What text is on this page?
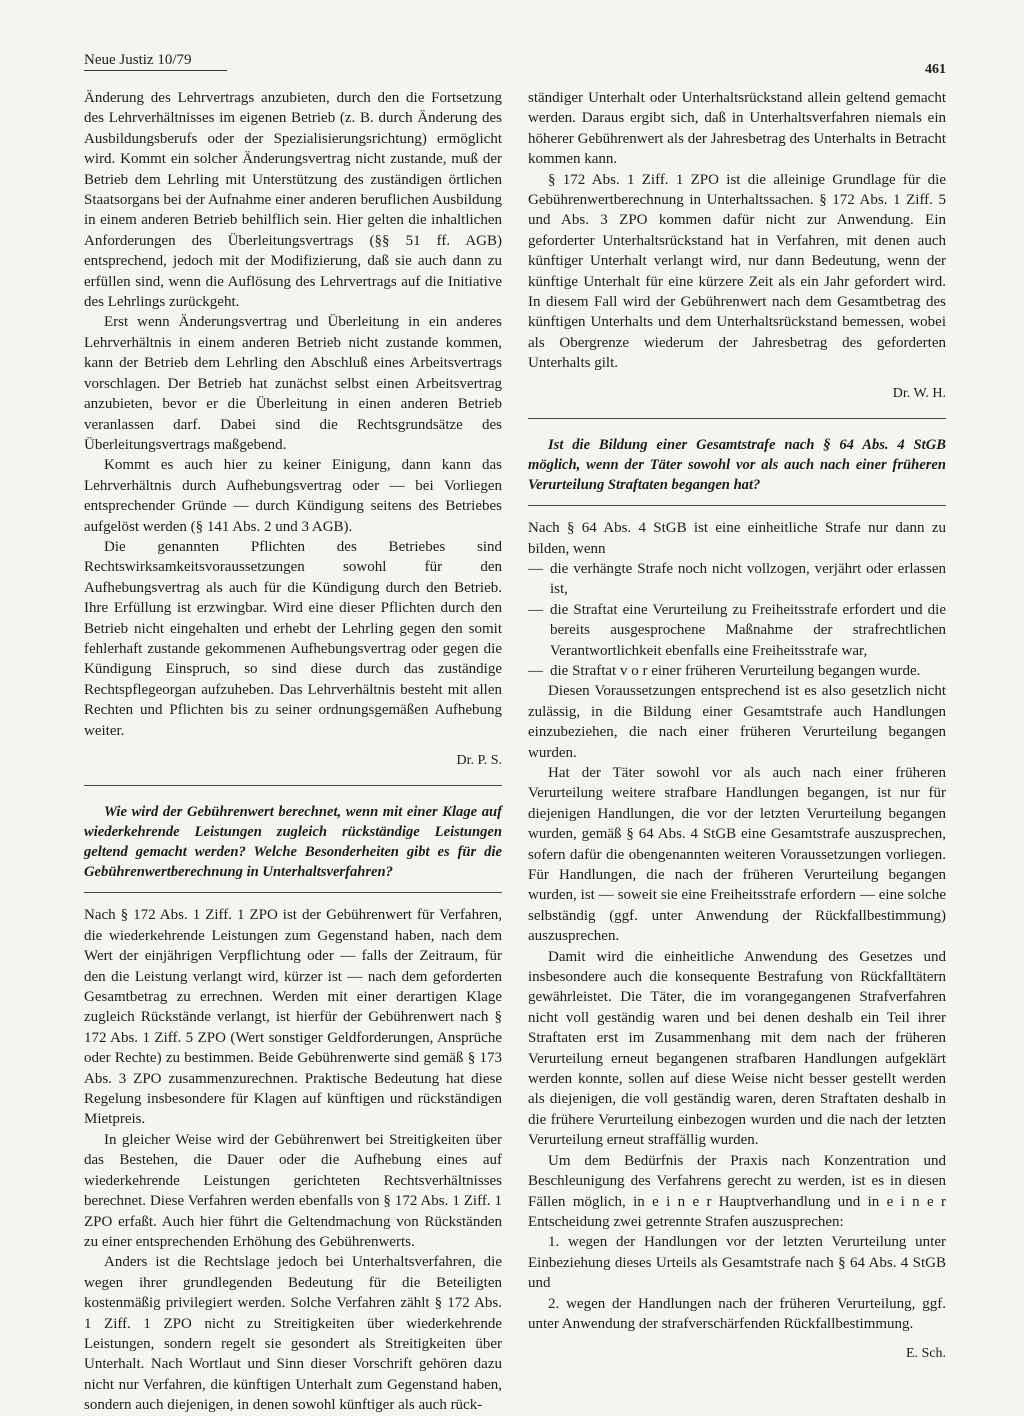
Neue Justiz 10/79
461

Änderung des Lehrvertrags anzubieten, durch den die Fortsetzung des Lehrverhältnisses im eigenen Betrieb (z. B. durch Änderung des Ausbildungsberufs oder der Spezialisierungsrichtung) ermöglicht wird. Kommt ein solcher Änderungsvertrag nicht zustande, muß der Betrieb dem Lehrling mit Unterstützung des zuständigen örtlichen Staatsorgans bei der Aufnahme einer anderen beruflichen Ausbildung in einem anderen Betrieb behilflich sein. Hier gelten die inhaltlichen Anforderungen des Überleitungsvertrags (§§ 51 ff. AGB) entsprechend, jedoch mit der Modifizierung, daß sie auch dann zu erfüllen sind, wenn die Auflösung des Lehrvertrags auf die Initiative des Lehrlings zurückgeht.

Erst wenn Änderungsvertrag und Überleitung in ein anderes Lehrverhältnis in einem anderen Betrieb nicht zustande kommen, kann der Betrieb dem Lehrling den Abschluß eines Arbeitsvertrags vorschlagen. Der Betrieb hat zunächst selbst einen Arbeitsvertrag anzubieten, bevor er die Überleitung in einen anderen Betrieb veranlassen darf. Dabei sind die Rechtsgrundsätze des Überleitungsvertrags maßgebend.

Kommt es auch hier zu keiner Einigung, dann kann das Lehrverhältnis durch Aufhebungsvertrag oder — bei Vorliegen entsprechender Gründe — durch Kündigung seitens des Betriebes aufgelöst werden (§ 141 Abs. 2 und 3 AGB).

Die genannten Pflichten des Betriebes sind Rechtswirksamkeitsvoraussetzungen sowohl für den Aufhebungsvertrag als auch für die Kündigung durch den Betrieb. Ihre Erfüllung ist erzwingbar. Wird eine dieser Pflichten durch den Betrieb nicht eingehalten und erhebt der Lehrling gegen den somit fehlerhaft zustande gekommenen Aufhebungsvertrag oder gegen die Kündigung Einspruch, so sind diese durch das zuständige Rechtspflegeorgan aufzuheben. Das Lehrverhältnis besteht mit allen Rechten und Pflichten bis zu seiner ordnungsgemäßen Aufhebung weiter.

Dr. P. S.

Wie wird der Gebührenwert berechnet, wenn mit einer Klage auf wiederkehrende Leistungen zugleich rückständige Leistungen geltend gemacht werden? Welche Besonderheiten gibt es für die Gebührenwertberechnung in Unterhaltsverfahren?

Nach § 172 Abs. 1 Ziff. 1 ZPO ist der Gebührenwert für Verfahren, die wiederkehrende Leistungen zum Gegenstand haben, nach dem Wert der einjährigen Verpflichtung oder — falls der Zeitraum, für den die Leistung verlangt wird, kürzer ist — nach dem geforderten Gesamtbetrag zu errechnen. Werden mit einer derartigen Klage zugleich Rückstände verlangt, ist hierfür der Gebührenwert nach § 172 Abs. 1 Ziff. 5 ZPO (Wert sonstiger Geldforderungen, Ansprüche oder Rechte) zu bestimmen. Beide Gebührenwerte sind gemäß § 173 Abs. 3 ZPO zusammenzurechnen. Praktische Bedeutung hat diese Regelung insbesondere für Klagen auf künftigen und rückständigen Mietpreis.

In gleicher Weise wird der Gebührenwert bei Streitigkeiten über das Bestehen, die Dauer oder die Aufhebung eines auf wiederkehrende Leistungen gerichteten Rechtsverhältnisses berechnet. Diese Verfahren werden ebenfalls von § 172 Abs. 1 Ziff. 1 ZPO erfaßt. Auch hier führt die Geltendmachung von Rückständen zu einer entsprechenden Erhöhung des Gebührenwerts.

Anders ist die Rechtslage jedoch bei Unterhaltsverfahren, die wegen ihrer grundlegenden Bedeutung für die Beteiligten kostenmäßig privilegiert werden. Solche Verfahren zählt § 172 Abs. 1 Ziff. 1 ZPO nicht zu Streitigkeiten über wiederkehrende Leistungen, sondern regelt sie gesondert als Streitigkeiten über Unterhalt. Nach Wortlaut und Sinn dieser Vorschrift gehören dazu nicht nur Verfahren, die künftigen Unterhalt zum Gegenstand haben, sondern auch diejenigen, in denen sowohl künftiger als auch rück-

ständiger Unterhalt oder Unterhaltsrückstand allein geltend gemacht werden. Daraus ergibt sich, daß in Unterhaltsverfahren niemals ein höherer Gebührenwert als der Jahresbetrag des Unterhalts in Betracht kommen kann.

§ 172 Abs. 1 Ziff. 1 ZPO ist die alleinige Grundlage für die Gebührenwertberechnung in Unterhaltssachen. § 172 Abs. 1 Ziff. 5 und Abs. 3 ZPO kommen dafür nicht zur Anwendung. Ein geforderter Unterhaltsrückstand hat in Verfahren, mit denen auch künftiger Unterhalt verlangt wird, nur dann Bedeutung, wenn der künftige Unterhalt für eine kürzere Zeit als ein Jahr gefordert wird. In diesem Fall wird der Gebührenwert nach dem Gesamtbetrag des künftigen Unterhalts und dem Unterhaltsrückstand bemessen, wobei als Obergrenze wiederum der Jahresbetrag des geforderten Unterhalts gilt.

Dr. W. H.

Ist die Bildung einer Gesamtstrafe nach § 64 Abs. 4 StGB möglich, wenn der Täter sowohl vor als auch nach einer früheren Verurteilung Straftaten begangen hat?

Nach § 64 Abs. 4 StGB ist eine einheitliche Strafe nur dann zu bilden, wenn

— die verhängte Strafe noch nicht vollzogen, verjährt oder erlassen ist,
— die Straftat eine Verurteilung zu Freiheitsstrafe erfordert und die bereits ausgesprochene Maßnahme der strafrechtlichen Verantwortlichkeit ebenfalls eine Freiheitsstrafe war,
— die Straftat v o r einer früheren Verurteilung begangen wurde.

Diesen Voraussetzungen entsprechend ist es also gesetzlich nicht zulässig, in die Bildung einer Gesamtstrafe auch Handlungen einzubeziehen, die nach einer früheren Verurteilung begangen wurden.

Hat der Täter sowohl vor als auch nach einer früheren Verurteilung weitere strafbare Handlungen begangen, ist nur für diejenigen Handlungen, die vor der letzten Verurteilung begangen wurden, gemäß § 64 Abs. 4 StGB eine Gesamtstrafe auszusprechen, sofern dafür die obengenannten weiteren Voraussetzungen vorliegen. Für Handlungen, die nach der früheren Verurteilung begangen wurden, ist — soweit sie eine Freiheitsstrafe erfordern — eine solche selbständig (ggf. unter Anwendung der Rückfallbestimmung) auszusprechen.

Damit wird die einheitliche Anwendung des Gesetzes und insbesondere auch die konsequente Bestrafung von Rückfalltätern gewährleistet. Die Täter, die im vorangegangenen Strafverfahren nicht voll geständig waren und bei denen deshalb ein Teil ihrer Straftaten erst im Zusammenhang mit dem nach der früheren Verurteilung erneut begangenen strafbaren Handlungen aufgeklärt werden konnte, sollen auf diese Weise nicht besser gestellt werden als diejenigen, die voll geständig waren, deren Straftaten deshalb in die frühere Verurteilung einbezogen wurden und die nach der letzten Verurteilung erneut straffällig wurden.

Um dem Bedürfnis der Praxis nach Konzentration und Beschleunigung des Verfahrens gerecht zu werden, ist es in diesen Fällen möglich, in e i n e r Hauptverhandlung und in e i n e r Entscheidung zwei getrennte Strafen auszusprechen:

1. wegen der Handlungen vor der letzten Verurteilung unter Einbeziehung dieses Urteils als Gesamtstrafe nach § 64 Abs. 4 StGB und

2. wegen der Handlungen nach der früheren Verurteilung, ggf. unter Anwendung der strafverschärfenden Rückfallbestimmung.

E. Sch.
